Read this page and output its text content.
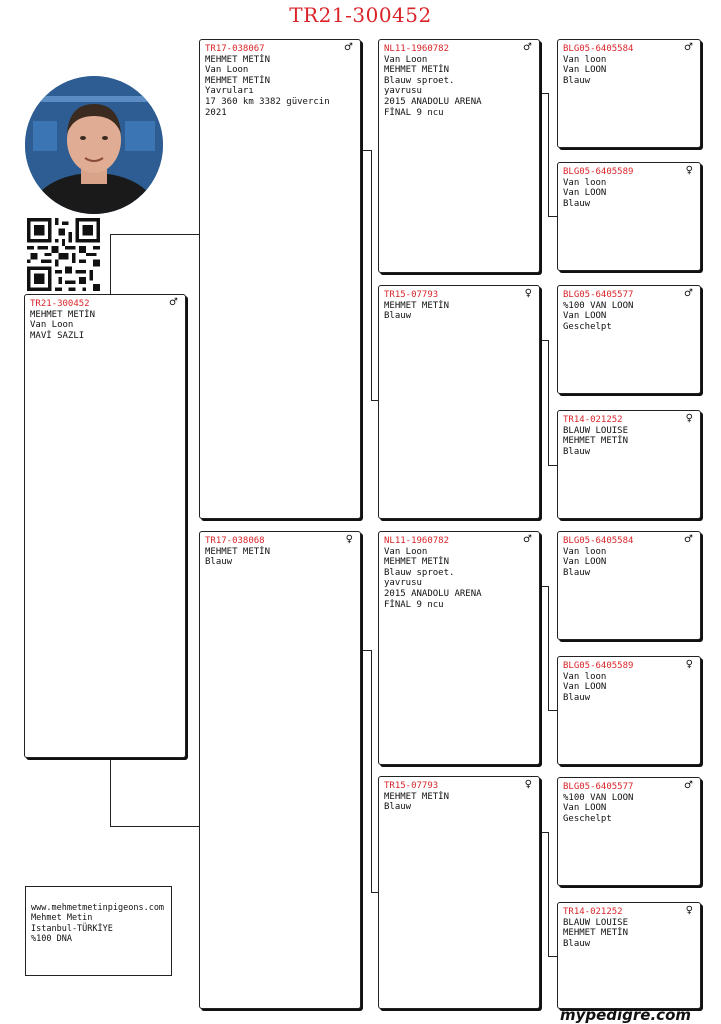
TR21-300452
TR21-300452	♂
MEHMET METİN
Van Loon
MAVİ SAZLI
TR17-038067	♂
MEHMET METİN
Van Loon
MEHMET METİN
Yavruları
17 360 km 3382 güvercin
2021
TR17-038068	♀
MEHMET METİN
Blauw
NL11-1960782	♂
Van Loon
MEHMET METİN
Blauw sproet.
yavrusu
2015 ANADOLU ARENA
FİNAL 9 ncu
TR15-07793	♀
MEHMET METİN
Blauw
NL11-1960782	♂
Van Loon
MEHMET METİN
Blauw sproet.
yavrusu
2015 ANADOLU ARENA
FİNAL 9 ncu
TR15-07793	♀
MEHMET METİN
Blauw
BLG05-6405584	♂
Van loon
Van LOON
Blauw
BLG05-6405589	♀
Van loon
Van LOON
Blauw
BLG05-6405577	♂
%100 VAN LOON
Van LOON
Geschelpt
TR14-021252	♀
BLAUW LOUISE
MEHMET METİN
Blauw
BLG05-6405584	♂
Van loon
Van LOON
Blauw
BLG05-6405589	♀
Van loon
Van LOON
Blauw
BLG05-6405577	♂
%100 VAN LOON
Van LOON
Geschelpt
TR14-021252	♀
BLAUW LOUISE
MEHMET METİN
Blauw
www.mehmetmetinpigeons.com
Mehmet Metin
Istanbul-TÜRKİYE
%100 DNA
mypedigre.com
